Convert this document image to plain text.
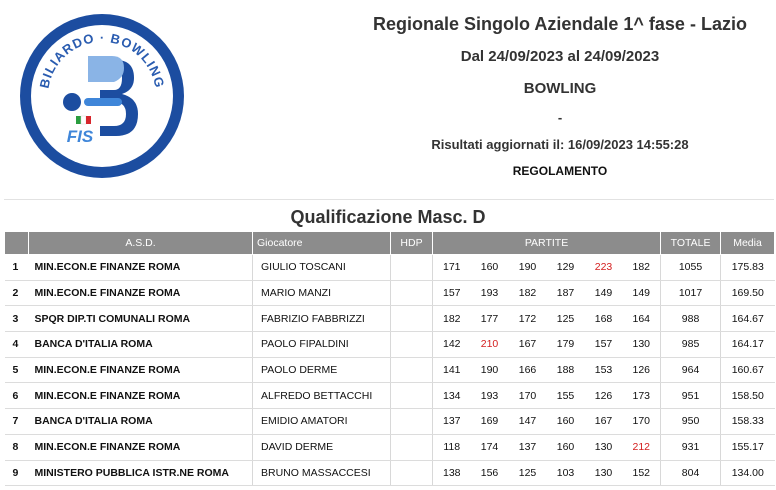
BILIARDO · BOWLING
FIS
Regionale Singolo Aziendale 1^ fase - Lazio
Dal 24/09/2023 al 24/09/2023
BOWLING
-
Risultati aggiornati il: 16/09/2023 14:55:28
REGOLAMENTO
Qualificazione Masc. D
	A.S.D.	Giocatore	HDP	PARTITE						TOTALE	Media
1	MIN.ECON.E FINANZE ROMA	GIULIO TOSCANI		171	160	190	129	223	182	1055	175.83
2	MIN.ECON.E FINANZE ROMA	MARIO MANZI		157	193	182	187	149	149	1017	169.50
3	SPQR DIP.TI COMUNALI ROMA	FABRIZIO FABBRIZZI		182	177	172	125	168	164	988	164.67
4	BANCA D'ITALIA ROMA	PAOLO FIPALDINI		142	210	167	179	157	130	985	164.17
5	MIN.ECON.E FINANZE ROMA	PAOLO DERME		141	190	166	188	153	126	964	160.67
6	MIN.ECON.E FINANZE ROMA	ALFREDO BETTACCHI		134	193	170	155	126	173	951	158.50
7	BANCA D'ITALIA ROMA	EMIDIO AMATORI		137	169	147	160	167	170	950	158.33
8	MIN.ECON.E FINANZE ROMA	DAVID DERME		118	174	137	160	130	212	931	155.17
9	MINISTERO PUBBLICA ISTR.NE ROMA	BRUNO MASSACCESI		138	156	125	103	130	152	804	134.00
